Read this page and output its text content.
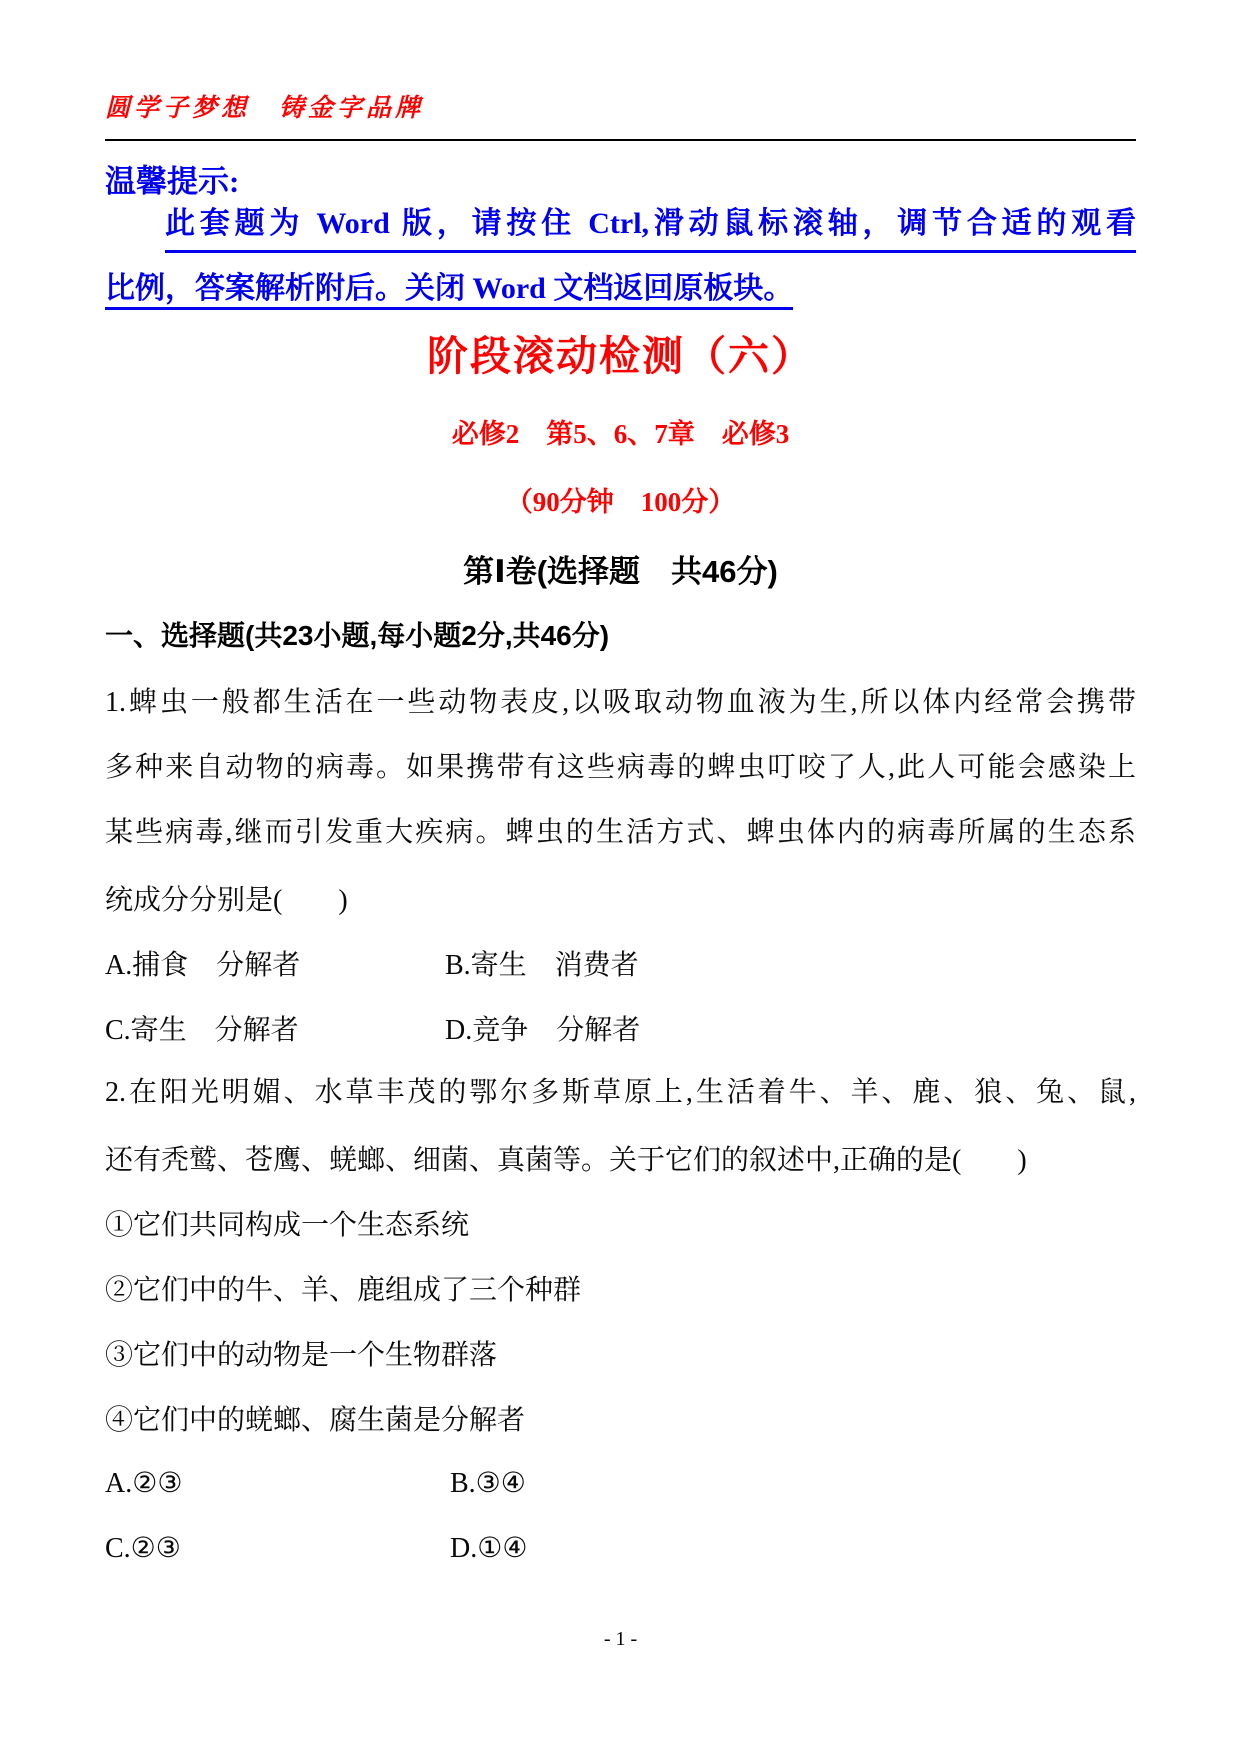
圆学子梦想　铸金字品牌
温馨提示:
此套题为 Word 版，请按住 Ctrl,滑动鼠标滚轴，调节合适的观看
比例，答案解析附后。关闭 Word 文档返回原板块。
阶段滚动检测（六）
必修2　第5、6、7章　必修3
（90分钟　100分）
第Ⅰ卷(选择题　共46分)
一、选择题(共23小题,每小题2分,共46分)
1.蜱虫一般都生活在一些动物表皮,以吸取动物血液为生,所以体内经常会携带
多种来自动物的病毒。如果携带有这些病毒的蜱虫叮咬了人,此人可能会感染上
某些病毒,继而引发重大疾病。蜱虫的生活方式、蜱虫体内的病毒所属的生态系
统成分分别是(　　)
A.捕食　分解者	B.寄生　消费者
C.寄生　分解者	D.竞争　分解者
2.在阳光明媚、水草丰茂的鄂尔多斯草原上,生活着牛、羊、鹿、狼、兔、鼠,
还有秃鹫、苍鹰、蜣螂、细菌、真菌等。关于它们的叙述中,正确的是(　　)
①它们共同构成一个生态系统
②它们中的牛、羊、鹿组成了三个种群
③它们中的动物是一个生物群落
④它们中的蜣螂、腐生菌是分解者
A.②③	B.③④
C.②③	D.①④
- 1 -
